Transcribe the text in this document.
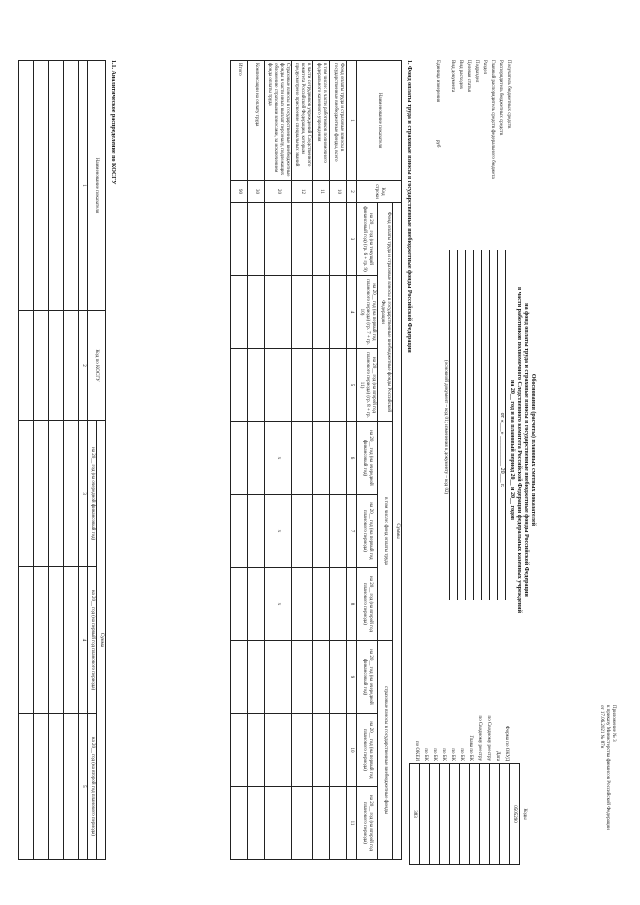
Приложение № 3
к приказу Министерства финансов Российской Федерации
от 17.06.2021 № 87н
Обоснования (расчеты) плановых сметных показателей
на фонд оплаты труда и страховые взносы в государственные внебюджетные фонды Российской Федерации
в части работников полномочного Следственного комитета Российской Федерации федеральных казенных учреждений
на 20__ год и на плановый период 20__ и 20__ годов
от «___» __________ 20___ г.
Форма по ОКУД
Дата
по Сводному реестру
по Сводному реестру
Глава по БК
по БК
по БК
по БК
по БК
по БК
по ОКЕИ
Коды
0505290
383
Получатель бюджетных средств
Распорядитель бюджетных средств
Главный распорядитель средств федерального бюджета
Раздел
Подраздел
Целевая статья
Вид расходов
Вид документа
(основной документ – код 01; изменения к документу – код 02)
Единица измерения
руб
1. Фонд оплаты труда и страховые взносы в государственные внебюджетные фонды Российской Федерации
Наименование показателя	Код строки	Суммы								
		Фонд оплаты труда и страховые взносы в государственные внебюджетные фонды Российской Федерации			в том числе: фонд оплаты труда			страховые взносы в государственные внебюджетные фонды		
		на 20__ год (на текущий финансовый год) (гр. 6 + гр. 9)	на 20__ год (на первый год планового периода) (гр. 7 + гр. 10)	на 20__ год (на второй год планового периода) (гр. 8 + гр. 11)	на 20__ год (на очередной финансовый год)	на 20__ год (на первый год планового периода)	на 20__ год (на второй год планового периода)	на 20__ год (на очередной финансовый год)	на 20__ год (на первый год планового периода)	на 20__ год (на второй год планового периода)
1	2	3	4	5	6	7	8	9	10	11
Фонд оплаты труда и страховые взносы в государственные внебюджетные фонды, всего	10									
в том числе: в части работников полномочного федерального казенного учреждения	11									
в части сотрудников учреждений Следственного комитета Российской Федерации, которым предусмотрено присвоение специальных званий	12									
Страховые взносы в государственные внебюджетные фонды в части иных выплат персоналу, подлежащих обложению страховыми взносами, за исключением фонда оплаты труда	20				x	x	x			
Компенсации на оплату труда	30									
Итого	90									
1.1. Аналитическое распределение по КОСГУ
Наименование показателя	Код по КОСГУ	Сумма		
		на 20__ год (на очередной финансовый год)	на 20__ год (на первый год планового периода)	на 20__ год (на второй год планового периода)
1	2	3	4	5
